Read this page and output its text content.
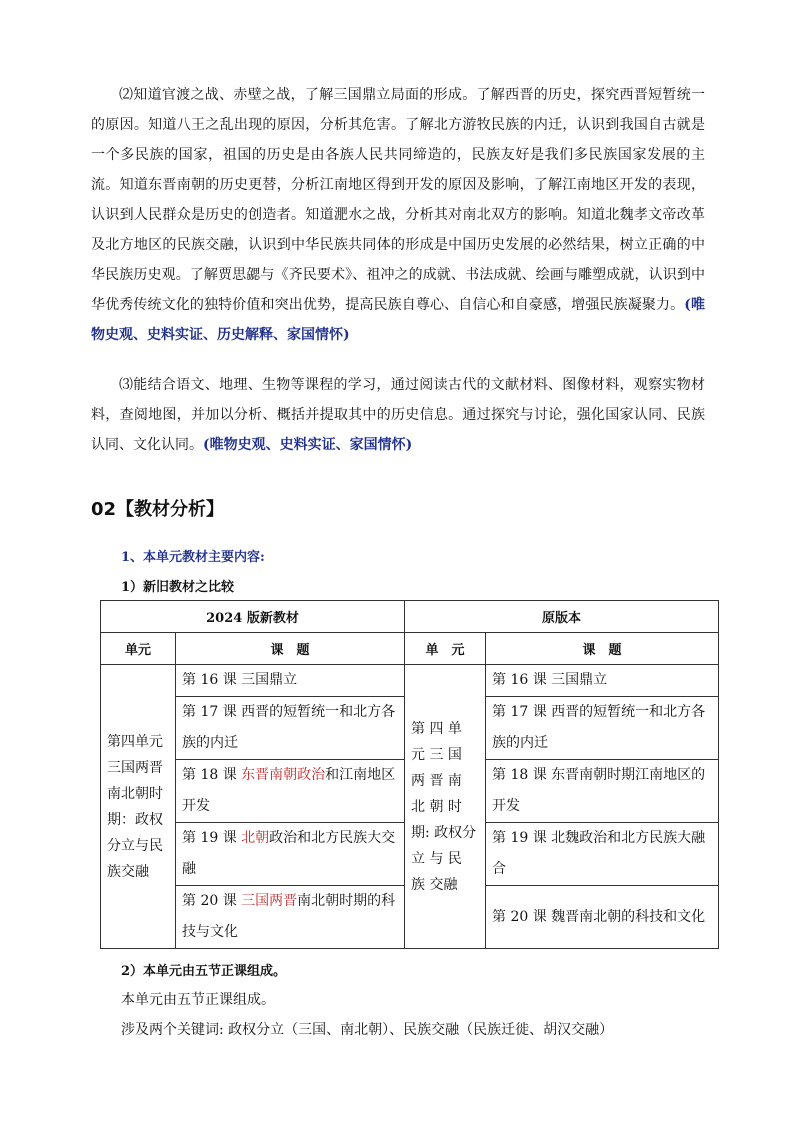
⑵知道官渡之战、赤壁之战，了解三国鼎立局面的形成。了解西晋的历史，探究西晋短暂统一的原因。知道八王之乱出现的原因，分析其危害。了解北方游牧民族的内迁，认识到我国自古就是一个多民族的国家，祖国的历史是由各族人民共同缔造的，民族友好是我们多民族国家发展的主流。知道东晋南朝的历史更替，分析江南地区得到开发的原因及影响，了解江南地区开发的表现，认识到人民群众是历史的创造者。知道淝水之战，分析其对南北双方的影响。知道北魏孝文帝改革及北方地区的民族交融，认识到中华民族共同体的形成是中国历史发展的必然结果，树立正确的中华民族历史观。了解贾思勰与《齐民要术》、祖冲之的成就、书法成就、绘画与雕塑成就，认识到中华优秀传统文化的独特价值和突出优势，提高民族自尊心、自信心和自豪感，增强民族凝聚力。(唯物史观、史料实证、历史解释、家国情怀)

⑶能结合语文、地理、生物等课程的学习，通过阅读古代的文献材料、图像材料，观察实物材料，查阅地图，并加以分析、概括并提取其中的历史信息。通过探究与讨论，强化国家认同、民族认同、文化认同。(唯物史观、史料实证、家国情怀)

02【教材分析】
1、本单元教材主要内容:
1）新旧教材之比较
2024 版新教材		原版本	
单元	课　题	单　元	课　题
第四单元三国两晋南北朝时期：政权分立与民族交融	第 16 课 三国鼎立	第 四 单 元 三 国 两 晋 南 北 朝 时 期: 政权分 立 与 民 族 交融	第 16 课 三国鼎立
	第 17 课 西晋的短暂统一和北方各族的内迁		第 17 课 西晋的短暂统一和北方各族的内迁
	第 18 课 东晋南朝政治和江南地区开发		第 18 课 东晋南朝时期江南地区的开发
	第 19 课 北朝政治和北方民族大交融		第 19 课 北魏政治和北方民族大融合
	第 20 课 三国两晋南北朝时期的科技与文化		第 20 课 魏晋南北朝的科技和文化
2）本单元由五节正课组成。
本单元由五节正课组成。
涉及两个关键词: 政权分立（三国、南北朝）、民族交融（民族迁徙、胡汉交融）
